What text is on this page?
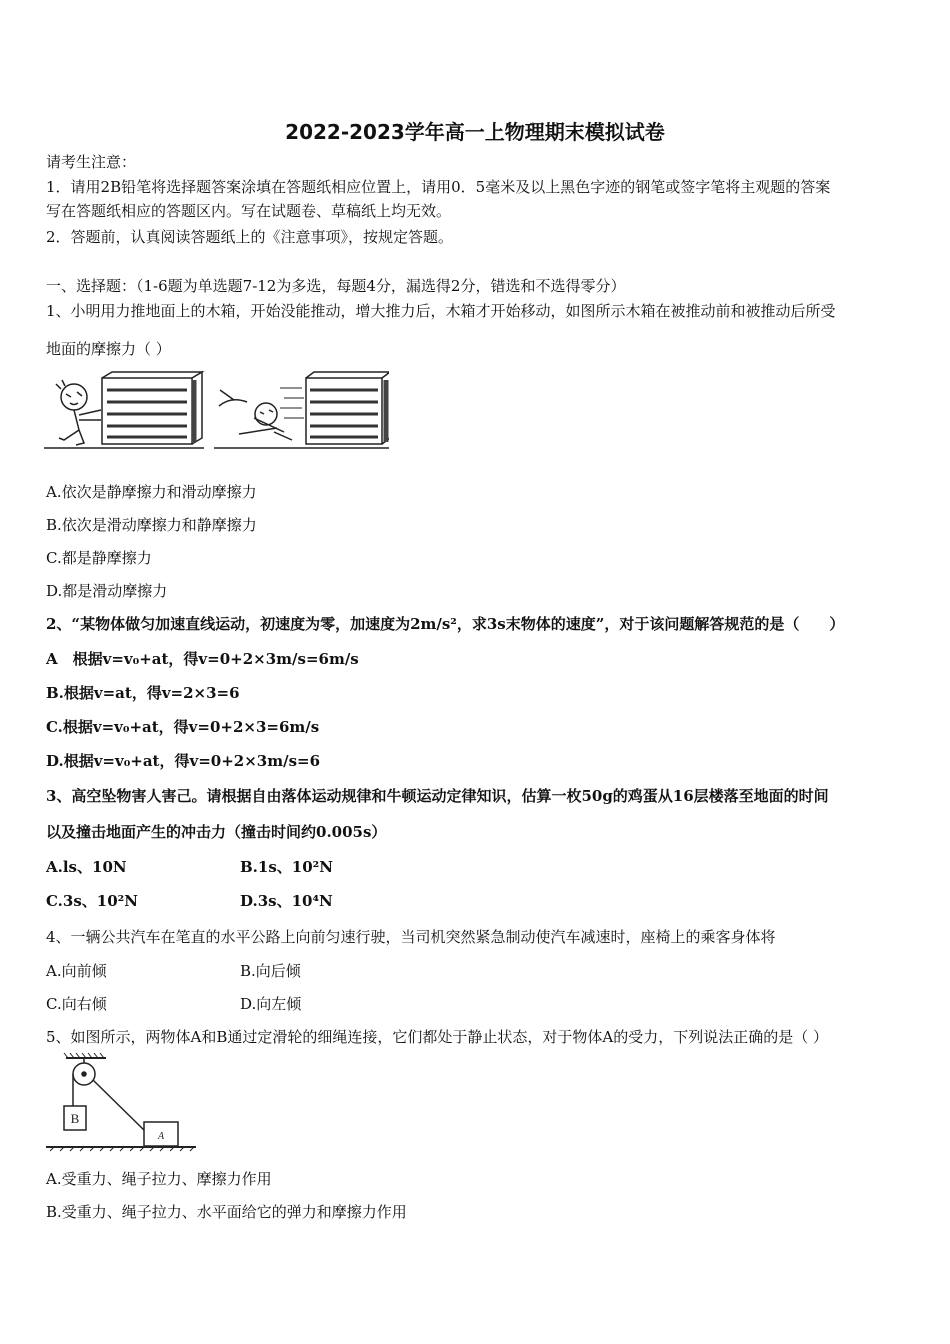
2022-2023学年高一上物理期末模拟试卷
请考生注意：
1．请用2B铅笔将选择题答案涂填在答题纸相应位置上，请用0．5毫米及以上黑色字迹的钢笔或签字笔将主观题的答案
写在答题纸相应的答题区内。写在试题卷、草稿纸上均无效。
2．答题前，认真阅读答题纸上的《注意事项》，按规定答题。
一、选择题：（1-6题为单选题7-12为多选，每题4分，漏选得2分，错选和不选得零分）
1、小明用力推地面上的木箱，开始没能推动，增大推力后，木箱才开始移动，如图所示木箱在被推动前和被推动后所受
地面的摩擦力（ ）
A.依次是静摩擦力和滑动摩擦力
B.依次是滑动摩擦力和静摩擦力
C.都是静摩擦力
D.都是滑动摩擦力
2、“某物体做匀加速直线运动，初速度为零，加速度为2m/s²，求3s末物体的速度”，对于该问题解答规范的是（　　）
A　根据v=v₀+at，得v=0+2×3m/s=6m/s
B.根据v=at，得v=2×3=6
C.根据v=v₀+at，得v=0+2×3=6m/s
D.根据v=v₀+at，得v=0+2×3m/s=6
3、高空坠物害人害己。请根据自由落体运动规律和牛顿运动定律知识，估算一枚50g的鸡蛋从16层楼落至地面的时间
以及撞击地面产生的冲击力（撞击时间约0.005s）
A.ls、10N	B.1s、10²N
C.3s、10²N	D.3s、10⁴N
4、一辆公共汽车在笔直的水平公路上向前匀速行驶，当司机突然紧急制动使汽车减速时，座椅上的乘客身体将
A.向前倾	B.向后倾
C.向右倾	D.向左倾
5、如图所示，两物体A和B通过定滑轮的细绳连接，它们都处于静止状态，对于物体A的受力，下列说法正确的是（ ）
B
A
A.受重力、绳子拉力、摩擦力作用
B.受重力、绳子拉力、水平面给它的弹力和摩擦力作用
